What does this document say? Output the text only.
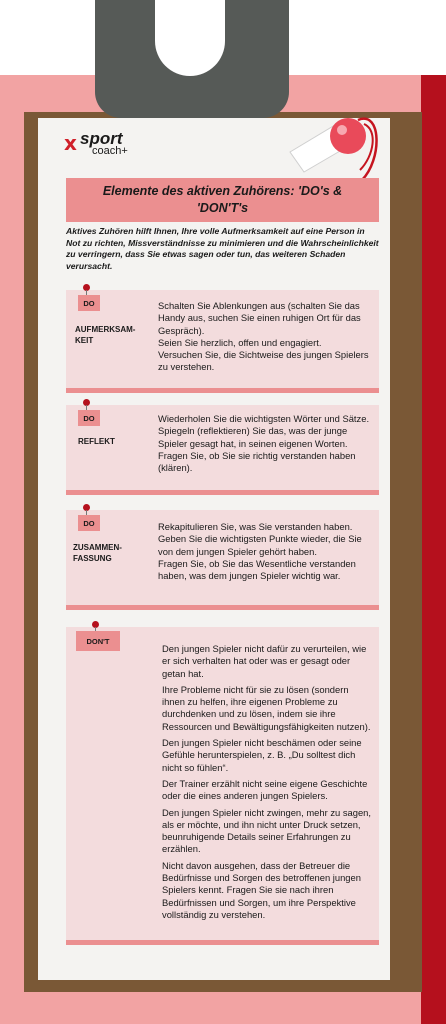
x sport
coach+
Elemente des aktiven Zuhörens: 'DO's & 'DON'T's
Aktives Zuhören hilft Ihnen, Ihre volle Aufmerksamkeit auf eine Person in Not zu richten, Missverständnisse zu minimieren und die Wahrscheinlichkeit zu verringern, dass Sie etwas sagen oder tun, das weiteren Schaden verursacht.
DO
AUFMERKSAM-
KEIT
Schalten Sie Ablenkungen aus (schalten Sie das Handy aus, suchen Sie einen ruhigen Ort für das Gespräch).
Seien Sie herzlich, offen und engagiert.
Versuchen Sie, die Sichtweise des jungen Spielers zu verstehen.
DO
REFLEKT
Wiederholen Sie die wichtigsten Wörter und Sätze.
Spiegeln (reflektieren) Sie das, was der junge Spieler gesagt hat, in seinen eigenen Worten.
Fragen Sie, ob Sie sie richtig verstanden haben (klären).
DO
ZUSAMMEN-
FASSUNG
Rekapitulieren Sie, was Sie verstanden haben.
Geben Sie die wichtigsten Punkte wieder, die Sie von dem jungen Spieler gehört haben.
Fragen Sie, ob Sie das Wesentliche verstanden haben, was dem jungen Spieler wichtig war.
DON'T

Den jungen Spieler nicht dafür zu verurteilen, wie er sich verhalten hat oder was er gesagt oder getan hat.

Ihre Probleme nicht für sie zu lösen (sondern ihnen zu helfen, ihre eigenen Probleme zu durchdenken und zu lösen, indem sie ihre Ressourcen und Bewältigungsfähigkeiten nutzen).

Den jungen Spieler nicht beschämen oder seine Gefühle herunterspielen, z. B. „Du solltest dich nicht so fühlen“.

Der Trainer erzählt nicht seine eigene Geschichte oder die eines anderen jungen Spielers.

Den jungen Spieler nicht zwingen, mehr zu sagen, als er möchte, und ihn nicht unter Druck setzen, beunruhigende Details seiner Erfahrungen zu erzählen.

Nicht davon ausgehen, dass der Betreuer die Bedürfnisse und Sorgen des betroffenen jungen Spielers kennt. Fragen Sie sie nach ihren Bedürfnissen und Sorgen, um ihre Perspektive vollständig zu verstehen.
